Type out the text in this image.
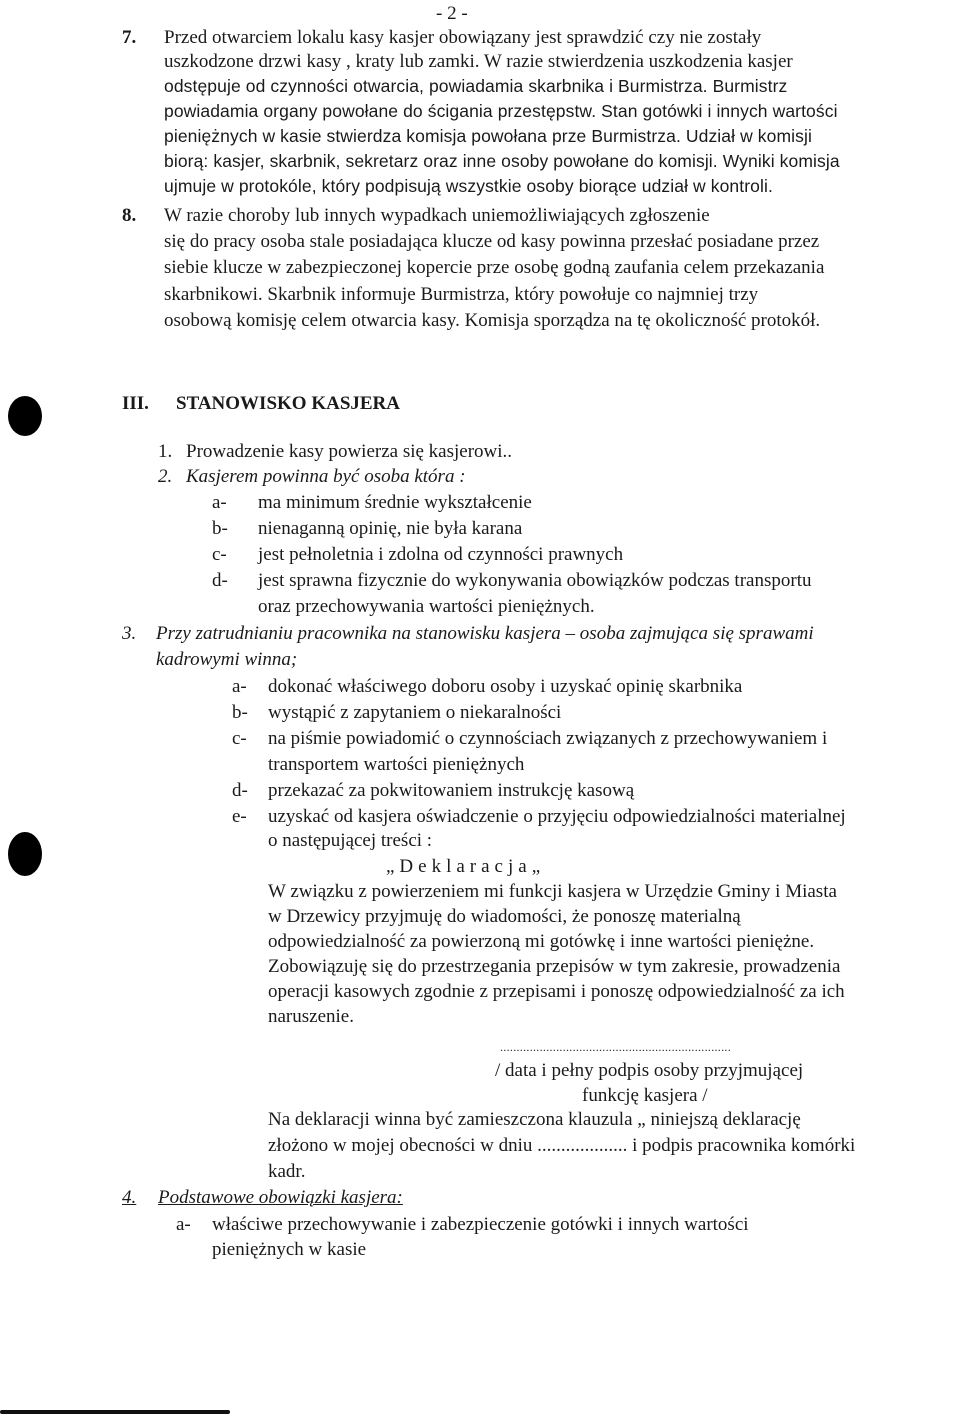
- 2 -
7. Przed otwarciem lokalu kasy kasjer obowiązany jest sprawdzić czy nie zostały
uszkodzone drzwi kasy , kraty lub zamki. W razie stwierdzenia uszkodzenia kasjer
odstępuje od czynności otwarcia, powiadamia skarbnika i Burmistrza. Burmistrz
powiadamia organy powołane do ścigania przestępstw. Stan gotówki i innych wartości
pieniężnych w kasie stwierdza komisja powołana prze Burmistrza. Udział w komisji
biorą: kasjer, skarbnik, sekretarz oraz inne osoby powołane do komisji. Wyniki komisja
ujmuje w protokóle, który podpisują wszystkie osoby biorące udział w kontroli.
8. W razie choroby lub innych wypadkach uniemożliwiających zgłoszenie
się do pracy osoba stale posiadająca klucze od kasy powinna przesłać posiadane przez
siebie klucze w zabezpieczonej kopercie prze osobę godną zaufania celem przekazania
skarbnikowi. Skarbnik informuje Burmistrza, który powołuje co najmniej trzy
osobową komisję celem otwarcia kasy. Komisja sporządza na tę okoliczność protokół.
III. STANOWISKO KASJERA
1. Prowadzenie kasy powierza się kasjerowi..
2. Kasjerem powinna być osoba która :
a- ma minimum średnie wykształcenie
b- nienaganną opinię, nie była karana
c- jest pełnoletnia i zdolna od czynności prawnych
d- jest sprawna fizycznie do wykonywania obowiązków podczas transportu
oraz przechowywania wartości pieniężnych.
3. Przy zatrudnianiu pracownika na stanowisku kasjera – osoba zajmująca się sprawami
kadrowymi winna;
a- dokonać właściwego doboru osoby i uzyskać opinię skarbnika
b- wystąpić z zapytaniem o niekaralności
c- na piśmie powiadomić o czynnościach związanych z przechowywaniem i
transportem wartości pieniężnych
d- przekazać za pokwitowaniem instrukcję kasową
e- uzyskać od kasjera oświadczenie o przyjęciu odpowiedzialności materialnej
o następującej treści :
„Deklaracja„
W związku z powierzeniem mi funkcji kasjera w Urzędzie Gminy i Miasta
w Drzewicy przyjmuję do wiadomości, że ponoszę materialną
odpowiedzialność za powierzoną mi gotówkę i inne wartości pieniężne.
Zobowiązuję się do przestrzegania przepisów w tym zakresie, prowadzenia
operacji kasowych zgodnie z przepisami i ponoszę odpowiedzialność za ich
naruszenie.
......................................................................
/ data i pełny podpis osoby przyjmującej
funkcję kasjera /
Na deklaracji winna być zamieszczona klauzula „ niniejszą deklarację
złożono w mojej obecności w dniu ................... i podpis pracownika komórki
kadr.
4. Podstawowe obowiązki kasjera:
a- właściwe przechowywanie i zabezpieczenie gotówki i innych wartości
pieniężnych w kasie
